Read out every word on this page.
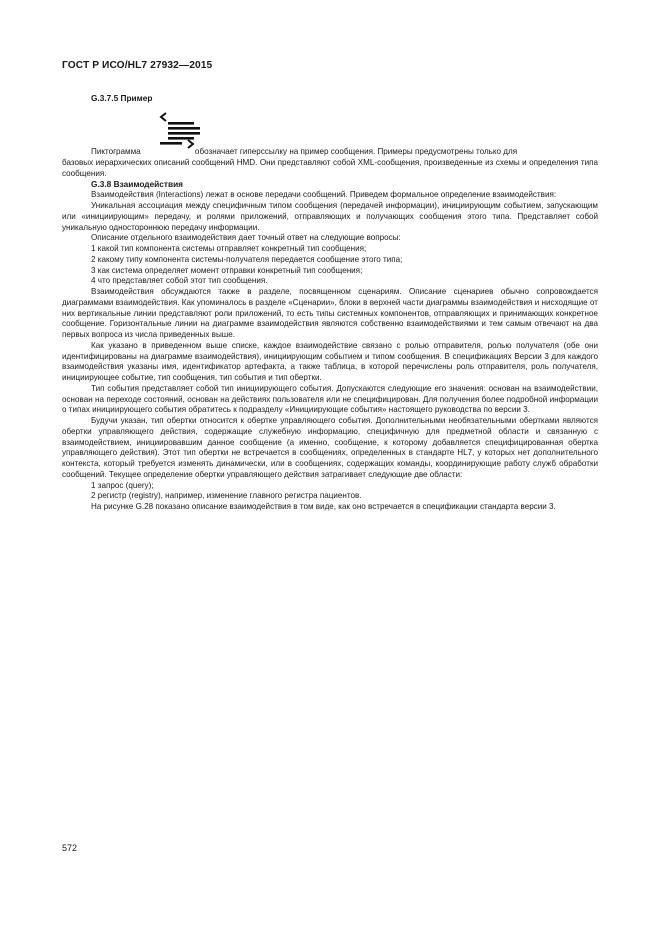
ГОСТ Р ИСО/HL7 27932—2015
G.3.7.5 Пример

Пиктограмма	обозначает гиперссылку на пример сообщения. Примеры предусмотрены только для

базовых иерархических описаний сообщений HMD. Они представляют собой XML-сообщения, произведенные из схемы и определения типа сообщения.

G.3.8 Взаимодействия

Взаимодействия (Interactions) лежат в основе передачи сообщений. Приведем формальное определение взаимодействия:

Уникальная ассоциация между специфичным типом сообщения (передачей информации), инициирующим событием, запускающим или «инициирующим» передачу, и ролями приложений, отправляющих и получающих сообщения этого типа. Представляет собой уникальную одностороннюю передачу информации.

Описание отдельного взаимодействия дает точный ответ на следующие вопросы:

1 какой тип компонента системы отправляет конкретный тип сообщения;

2 какому типу компонента системы-получателя передается сообщение этого типа;

3 как система определяет момент отправки конкретный тип сообщения;

4 что представляет собой этот тип сообщения.

Взаимодействия обсуждаются также в разделе, посвященном сценариям. Описание сценариев обычно сопровождается диаграммами взаимодействия. Как упоминалось в разделе «Сценарии», блоки в верхней части диаграммы взаимодействия и нисходящие от них вертикальные линии представляют роли приложений, то есть типы системных компонентов, отправляющих и принимающих конкретное сообщение. Горизонтальные линии на диаграмме взаимодействия являются собственно взаимодействиями и тем самым отвечают на два первых вопроса из числа приведенных выше.

Как указано в приведенном выше списке, каждое взаимодействие связано с ролью отправителя, ролью получателя (обе они идентифицированы на диаграмме взаимодействия), инициирующим событием и типом сообщения. В спецификациях Версии 3 для каждого взаимодействия указаны имя, идентификатор артефакта, а также таблица, в которой перечислены роль отправителя, роль получателя, инициирующее событие, тип сообщения, тип события и тип обертки.

Тип события представляет собой тип инициирующего события. Допускаются следующие его значения: основан на взаимодействии, основан на переходе состояний, основан на действиях пользователя или не специфицирован. Для получения более подробной информации о типах инициирующего события обратитесь к подразделу «Инициирующие события» настоящего руководства по версии 3.

Будучи указан, тип обертки относится к обертке управляющего события. Дополнительными необязательными обертками являются обертки управляющего действия, содержащие служебную информацию, специфичную для предметной области и связанную с взаимодействием, инициировавшим данное сообщение (а именно, сообщение, к которому добавляется специфицированная обертка управляющего действия). Этот тип обертки не встречается в сообщениях, определенных в стандарте HL7, у которых нет дополнительного контекста, который требуется изменять динамически, или в сообщениях, содержащих команды, координирующие работу служб обработки сообщений. Текущее определение обертки управляющего действия затрагивает следующие две области:

1 запрос (query);

2 регистр (registry), например, изменение главного регистра пациентов.

На рисунке G.28 показано описание взаимодействия в том виде, как оно встречается в спецификации стандарта версии 3.

572
